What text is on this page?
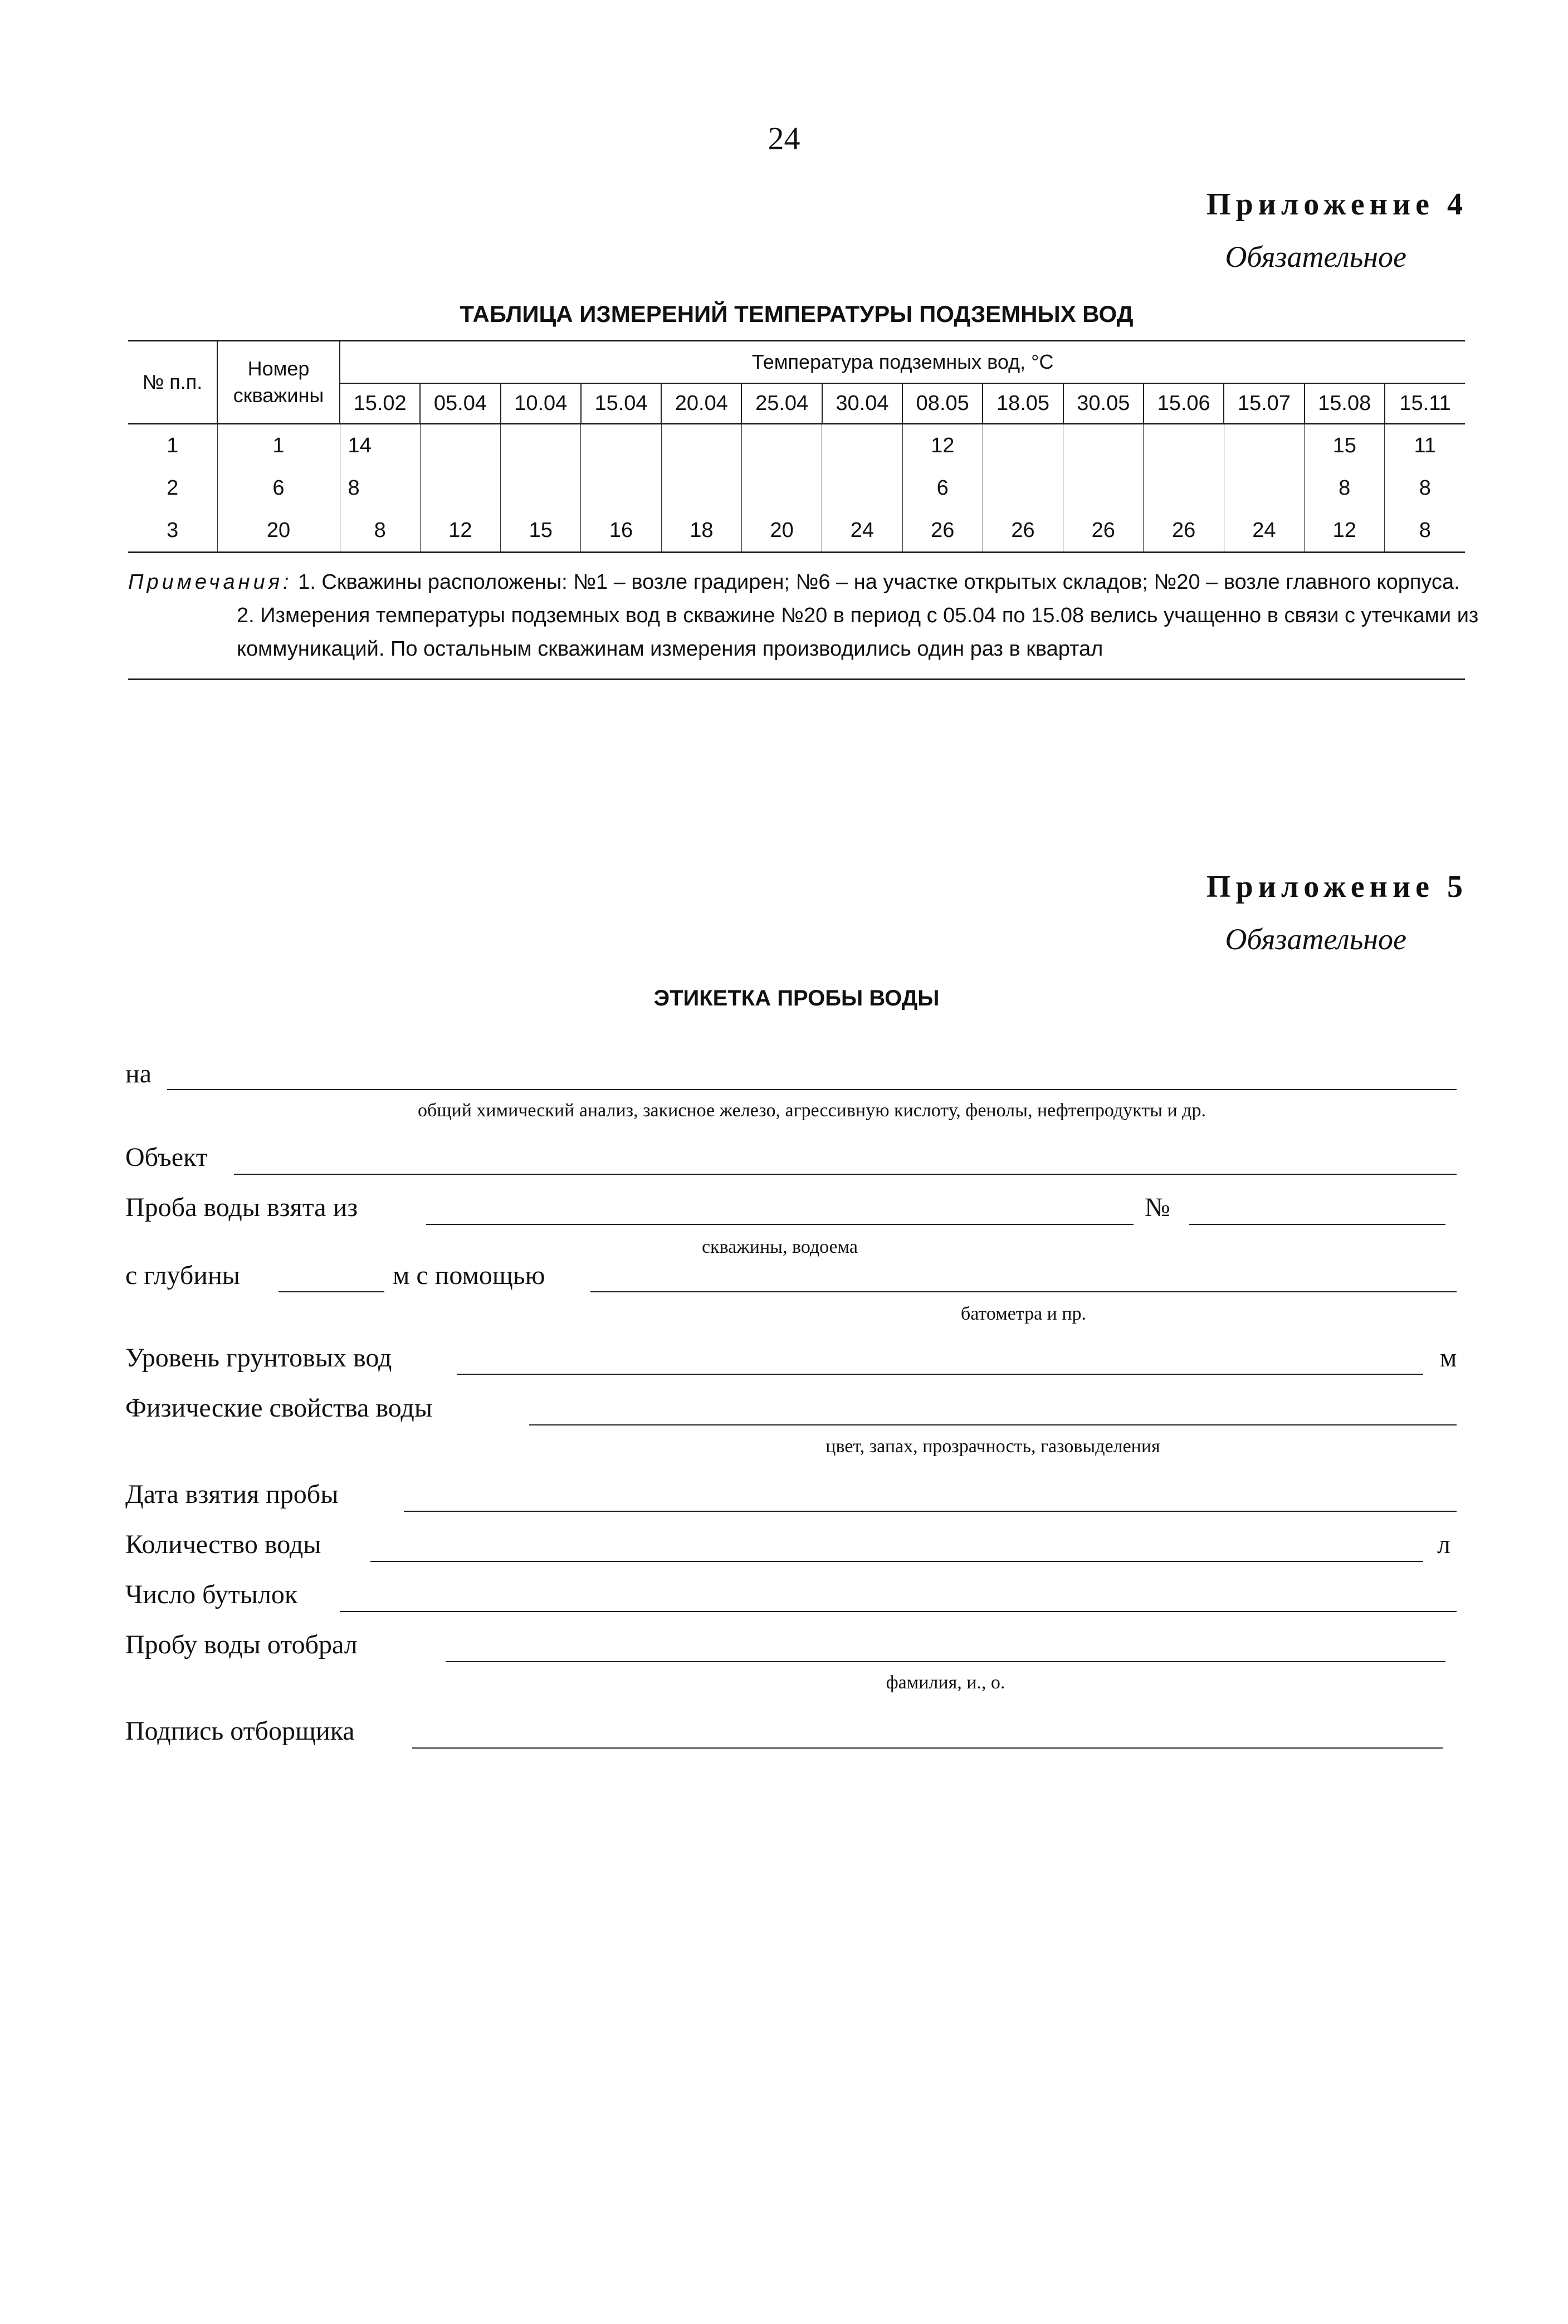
24
Приложение 4
Обязательное
ТАБЛИЦА ИЗМЕРЕНИЙ ТЕМПЕРАТУРЫ ПОДЗЕМНЫХ ВОД
№ п.п.	Номер скважины	Температура подземных вод, °С													
		15.02	05.04	10.04	15.04	20.04	25.04	30.04	08.05	18.05	30.05	15.06	15.07	15.08	15.11
1	1	14							12					15	11
2	6	8							6					8	8
3	20	8	12	15	16	18	20	24	26	26	26	26	24	12	8
Примечания: 1. Скважины расположены: №1 – возле градирен; №6 – на участке открытых складов; №20 – возле главного корпуса.
2. Измерения температуры подземных вод в скважине №20 в период с 05.04 по 15.08 велись учащенно в связи с утечками из
коммуникаций. По остальным скважинам измерения производились один раз в квартал
Приложение 5
Обязательное
ЭТИКЕТКА ПРОБЫ ВОДЫ
на
общий химический анализ, закисное железо, агрессивную кислоту, фенолы, нефтепродукты и др.
Объект
Проба воды взята из	№
скважины, водоема
с глубины	м с помощью
батометра и пр.
Уровень грунтовых вод	м
Физические свойства воды
цвет, запах, прозрачность, газовыделения
Дата взятия пробы
Количество воды	л
Число бутылок
Пробу воды отобрал
фамилия, и., о.
Подпись отборщика
